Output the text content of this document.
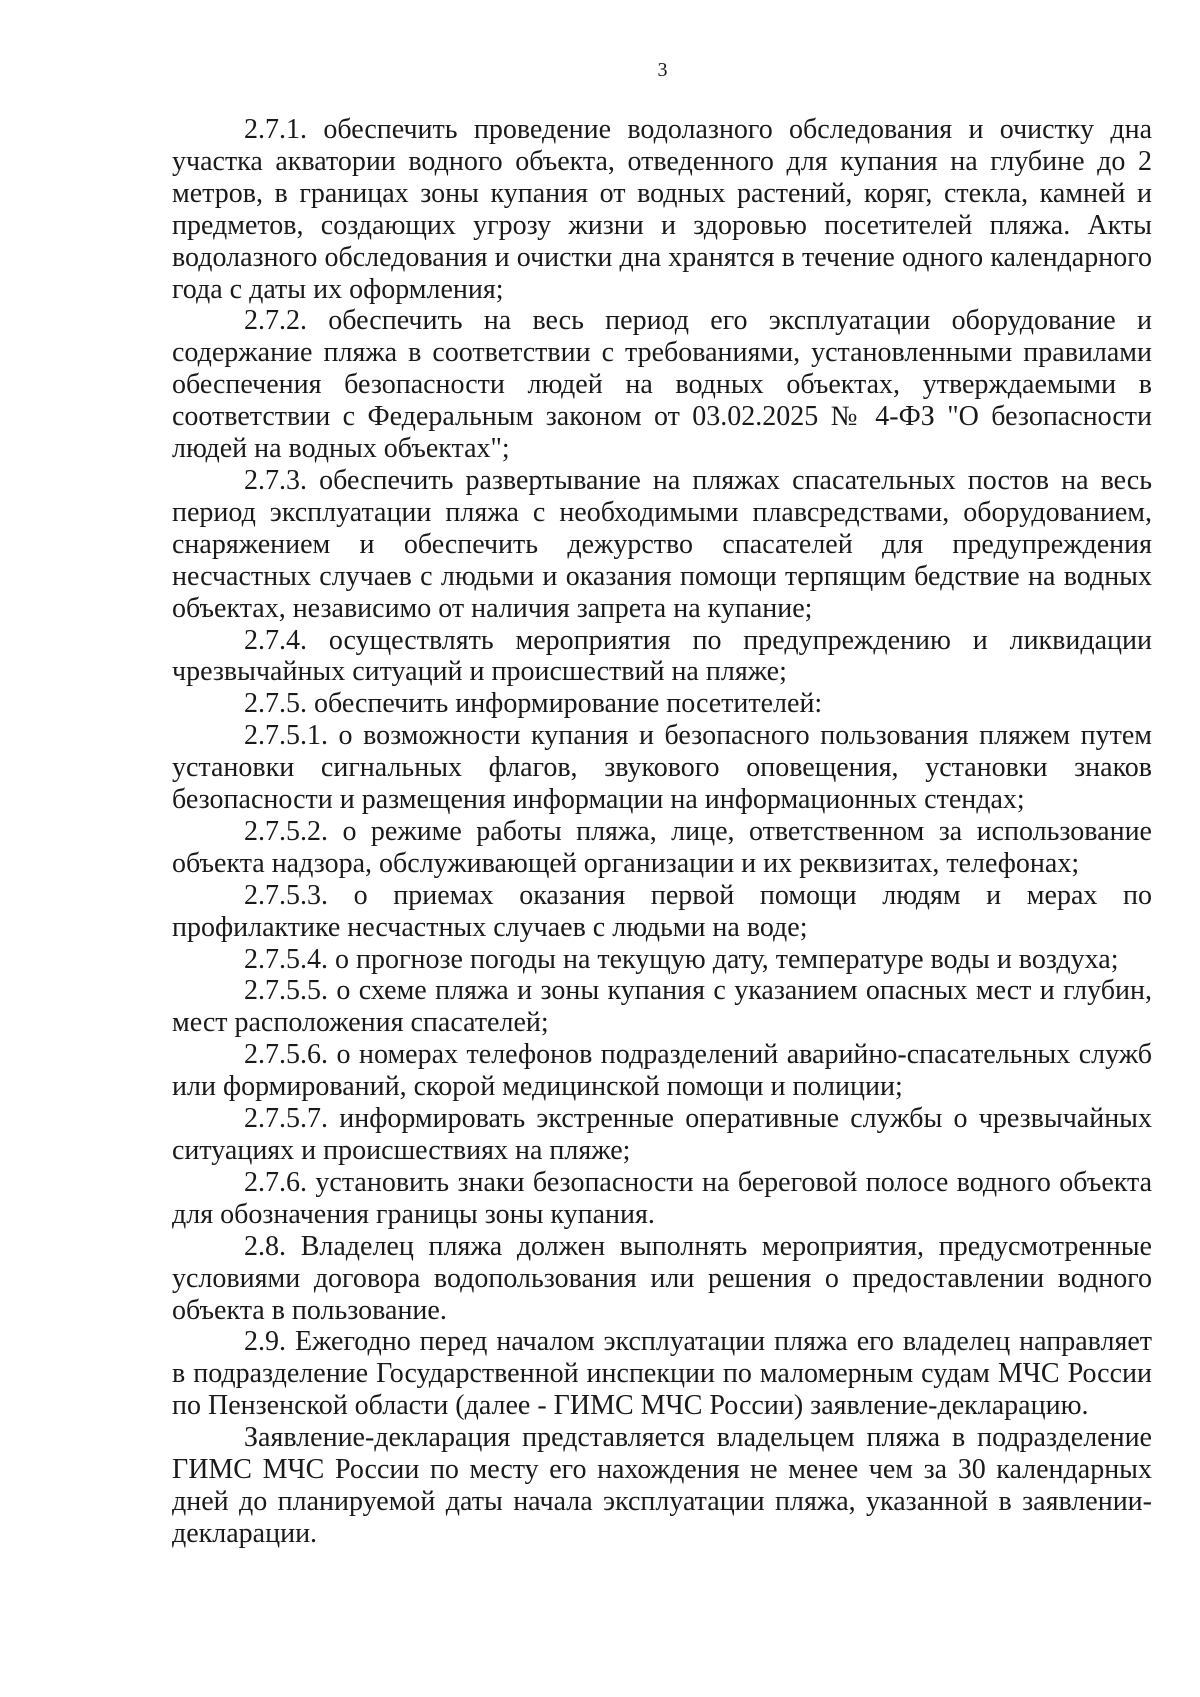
3

2.7.1. обеспечить проведение водолазного обследования и очистку дна участка акватории водного объекта, отведенного для купания на глубине до 2 метров, в границах зоны купания от водных растений, коряг, стекла, камней и предметов, создающих угрозу жизни и здоровью посетителей пляжа. Акты водолазного обследования и очистки дна хранятся в течение одного календарного года с даты их оформления;

2.7.2. обеспечить на весь период его эксплуатации оборудование и содержание пляжа в соответствии с требованиями, установленными правилами обеспечения безопасности людей на водных объектах, утверждаемыми в соответствии с Федеральным законом от 03.02.2025 № 4-ФЗ "О безопасности людей на водных объектах";

2.7.3. обеспечить развертывание на пляжах спасательных постов на весь период эксплуатации пляжа с необходимыми плавсредствами, оборудованием, снаряжением и обеспечить дежурство спасателей для предупреждения несчастных случаев с людьми и оказания помощи терпящим бедствие на водных объектах, независимо от наличия запрета на купание;

2.7.4. осуществлять мероприятия по предупреждению и ликвидации чрезвычайных ситуаций и происшествий на пляже;

2.7.5. обеспечить информирование посетителей:

2.7.5.1. о возможности купания и безопасного пользования пляжем путем установки сигнальных флагов, звукового оповещения, установки знаков безопасности и размещения информации на информационных стендах;

2.7.5.2. о режиме работы пляжа, лице, ответственном за использование объекта надзора, обслуживающей организации и их реквизитах, телефонах;

2.7.5.3. о приемах оказания первой помощи людям и мерах по профилактике несчастных случаев с людьми на воде;

2.7.5.4. о прогнозе погоды на текущую дату, температуре воды и воздуха;

2.7.5.5. о схеме пляжа и зоны купания с указанием опасных мест и глубин, мест расположения спасателей;

2.7.5.6. о номерах телефонов подразделений аварийно-спасательных служб или формирований, скорой медицинской помощи и полиции;

2.7.5.7. информировать экстренные оперативные службы о чрезвычайных ситуациях и происшествиях на пляже;

2.7.6. установить знаки безопасности на береговой полосе водного объекта для обозначения границы зоны купания.

2.8. Владелец пляжа должен выполнять мероприятия, предусмотренные условиями договора водопользования или решения о предоставлении водного объекта в пользование.

2.9. Ежегодно перед началом эксплуатации пляжа его владелец направляет в подразделение Государственной инспекции по маломерным судам МЧС России по Пензенской области (далее - ГИМС МЧС России) заявление-декларацию.

Заявление-декларация представляется владельцем пляжа в подразделение ГИМС МЧС России по месту его нахождения не менее чем за 30 календарных дней до планируемой даты начала эксплуатации пляжа, указанной в заявлении-декларации.
